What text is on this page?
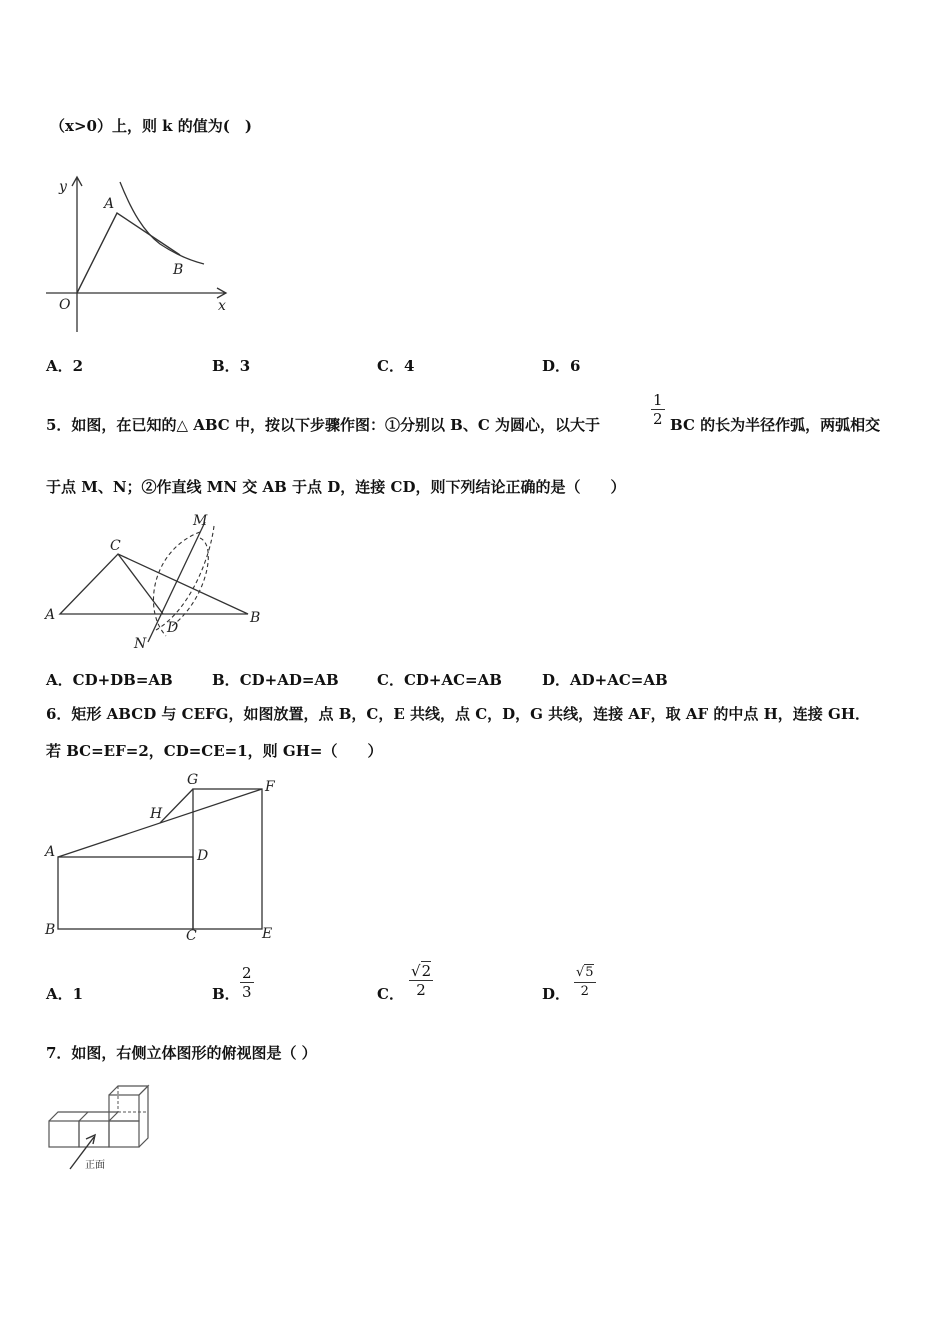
（x>0）上，则 k 的值为(　)
y
A
B
O	x
A．2	B．3	C．4	D．6
5．如图，在已知的△ ABC 中，按以下步骤作图：①分别以 B、C 为圆心，以大于
1
2 BC 的长为半径作弧，两弧相交
于点 M、N；②作直线 MN 交 AB 于点 D，连接 CD，则下列结论正确的是（　　）
C
M
A	B
D
N
A．CD+DB=AB	B．CD+AD=AB	C．CD+AC=AB	D．AD+AC=AB
6．矩形 ABCD 与 CEFG，如图放置，点 B，C，E 共线，点 C，D，G 共线，连接 AF，取 AF 的中点 H，连接 GH．
若 BC=EF=2，CD=CE=1，则 GH=（　　）
G	F
H
A	D
B	C	E
A．1	B．
2
3	C．
√2
2	D．
√5
2
7．如图，右侧立体图形的俯视图是（ ）
正面
